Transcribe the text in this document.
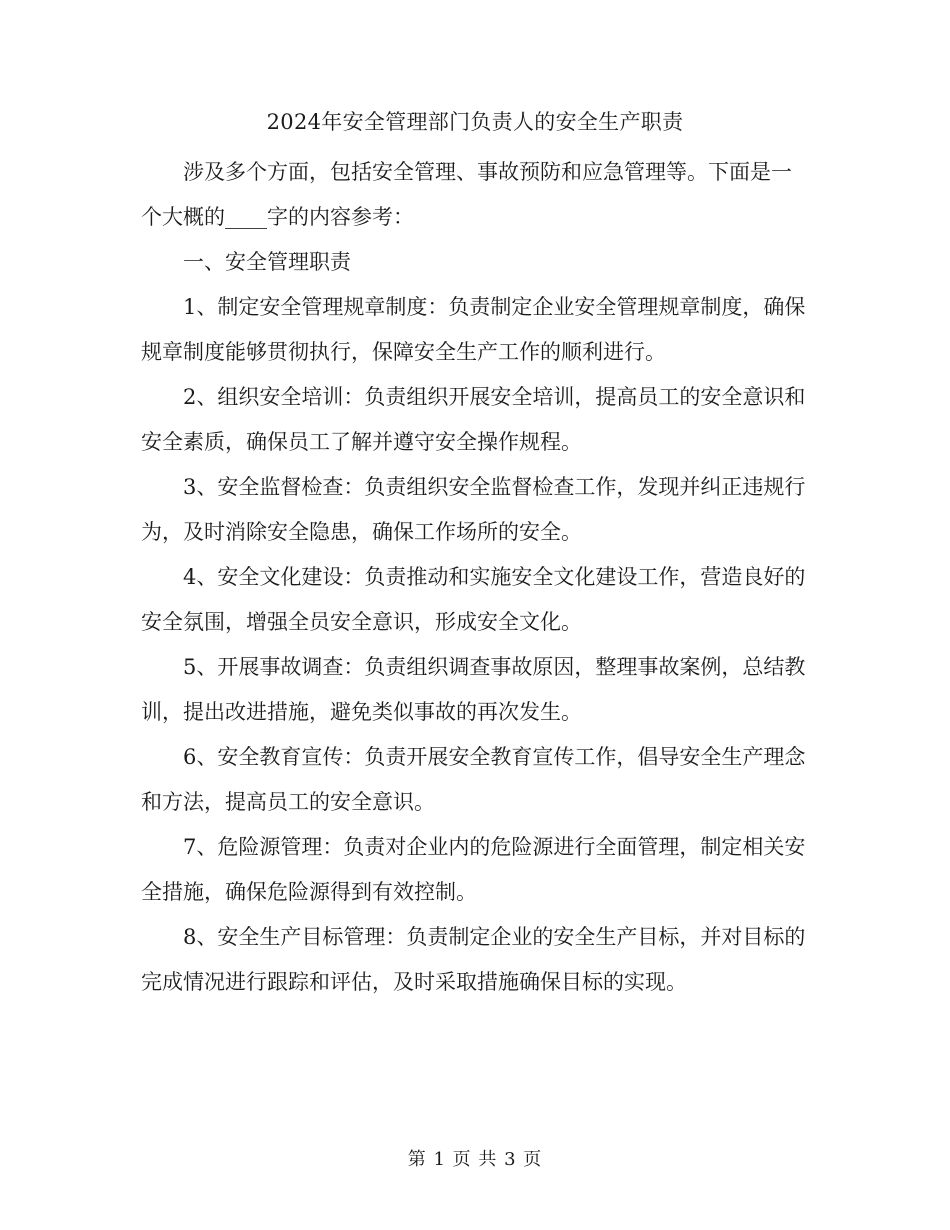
2024年安全管理部门负责人的安全生产职责

涉及多个方面，包括安全管理、事故预防和应急管理等。下面是一个大概的____字的内容参考：

一、安全管理职责

1、制定安全管理规章制度：负责制定企业安全管理规章制度，确保规章制度能够贯彻执行，保障安全生产工作的顺利进行。

2、组织安全培训：负责组织开展安全培训，提高员工的安全意识和安全素质，确保员工了解并遵守安全操作规程。

3、安全监督检查：负责组织安全监督检查工作，发现并纠正违规行为，及时消除安全隐患，确保工作场所的安全。

4、安全文化建设：负责推动和实施安全文化建设工作，营造良好的安全氛围，增强全员安全意识，形成安全文化。

5、开展事故调查：负责组织调查事故原因，整理事故案例，总结教训，提出改进措施，避免类似事故的再次发生。

6、安全教育宣传：负责开展安全教育宣传工作，倡导安全生产理念和方法，提高员工的安全意识。

7、危险源管理：负责对企业内的危险源进行全面管理，制定相关安全措施，确保危险源得到有效控制。

8、安全生产目标管理：负责制定企业的安全生产目标，并对目标的完成情况进行跟踪和评估，及时采取措施确保目标的实现。

第 1 页 共 3 页
